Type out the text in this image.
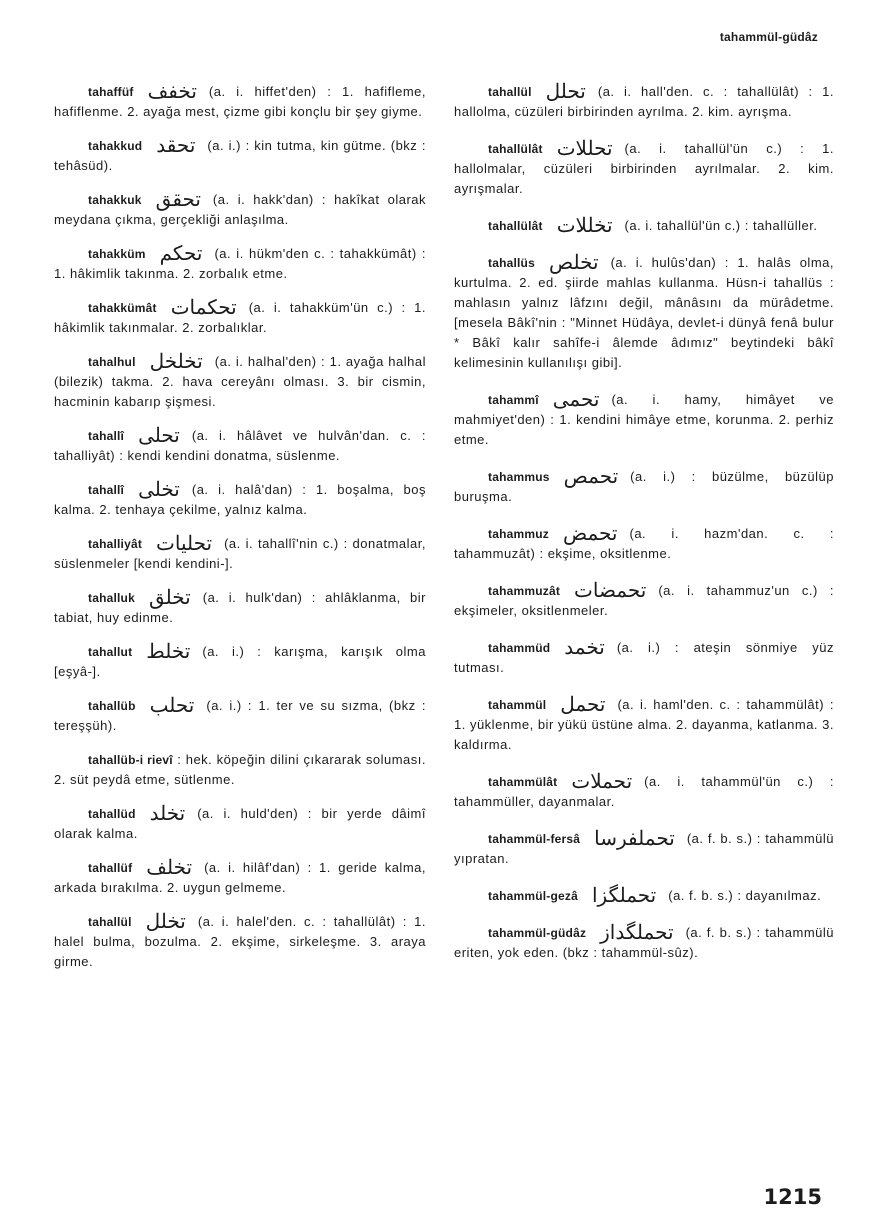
tahammül-güdâz
tahaffüf تخفف (a. i. hiffet'den) : 1. hafifleme, hafiflenme. 2. ayağa mest, çizme gibi konçlu bir şey giyme.
tahakkud تحقد (a. i.) : kin tutma, kin gütme. (bkz : tehâsüd).
tahakkuk تحقق (a. i. hakk'dan) : hakîkat olarak meydana çıkma, gerçekliği anlaşılma.
tahakküm تحكم (a. i. hükm'den c. : tahakkümât) : 1. hâkimlik takınma. 2. zorbalık etme.
tahakkümât تحكمات (a. i. tahakküm'ün c.) : 1. hâkimlik takınmalar. 2. zorbalıklar.
tahalhul تخلخل (a. i. halhal'den) : 1. ayağa halhal (bilezik) takma. 2. hava cereyânı olması. 3. bir cismin, hacminin kabarıp şişmesi.
tahallî تحلى (a. i. hâlâvet ve hulvân'dan. c. : tahalliyât) : kendi kendini donatma, süslenme.
tahallî تخلى (a. i. halâ'dan) : 1. boşalma, boş kalma. 2. tenhaya çekilme, yalnız kalma.
tahalliyât تحليات (a. i. tahallî'nin c.) : donatmalar, süslenmeler [kendi kendini-].
tahalluk تخلق (a. i. hulk'dan) : ahlâklanma, bir tabiat, huy edinme.
tahallut تخلط (a. i.) : karışma, karışık olma [eşyâ-].
tahallüb تحلب (a. i.) : 1. ter ve su sızma, (bkz : tereşşüh).
tahallüb-i rievî : hek. köpeğin dilini çıkararak soluması. 2. süt peydâ etme, sütlenme.
tahallüd تخلد (a. i. huld'den) : bir yerde dâimî olarak kalma.
tahallüf تخلف (a. i. hilâf'dan) : 1. geride kalma, arkada bırakılma. 2. uygun gelmeme.
tahallül تخلل (a. i. halel'den. c. : tahallülât) : 1. halel bulma, bozulma. 2. ekşime, sirkeleşme. 3. araya girme.
tahallül تحلل (a. i. hall'den. c. : tahallülât) : 1. hallolma, cüzüleri birbirinden ayrılma. 2. kim. ayrışma.
tahallülât تحللات (a. i. tahallül'ün c.) : 1. hallolmalar, cüzüleri birbirinden ayrılmalar. 2. kim. ayrışmalar.
tahallülât تخللات (a. i. tahallül'ün c.) : tahallüller.
tahallüs تخلص (a. i. hulûs'dan) : 1. halâs olma, kurtulma. 2. ed. şiirde mahlas kullanma. Hüsn-i tahallüs : mahlasın yalnız lâfzını değil, mânâsını da mürâdetme. [mesela Bâkî'nin : "Minnet Hüdâya, devlet-i dünyâ fenâ bulur * Bâkî kalır sahîfe-i âlemde âdımız" beytindeki bâkî kelimesinin kullanılışı gibi].
tahammî تحمى (a. i. hamy, himâyet ve mahmiyet'den) : 1. kendini himâye etme, korunma. 2. perhiz etme.
tahammus تحمص (a. i.) : büzülme, büzülüp buruşma.
tahammuz تحمض (a. i. hazm'dan. c. : tahammuzât) : ekşime, oksitlenme.
tahammuzât تحمضات (a. i. tahammuz'un c.) : ekşimeler, oksitlenmeler.
tahammüd تخمد (a. i.) : ateşin sönmiye yüz tutması.
tahammül تحمل (a. i. haml'den. c. : tahammülât) : 1. yüklenme, bir yükü üstüne alma. 2. dayanma, katlanma. 3. kaldırma.
tahammülât تحملات (a. i. tahammül'ün c.) : tahammüller, dayanmalar.
tahammül-fersâ تحملفرسا (a. f. b. s.) : tahammülü yıpratan.
tahammül-gezâ تحملگزا (a. f. b. s.) : dayanılmaz.
tahammül-güdâz تحملگداز (a. f. b. s.) : tahammülü eriten, yok eden. (bkz : tahammül-sûz).
1215
